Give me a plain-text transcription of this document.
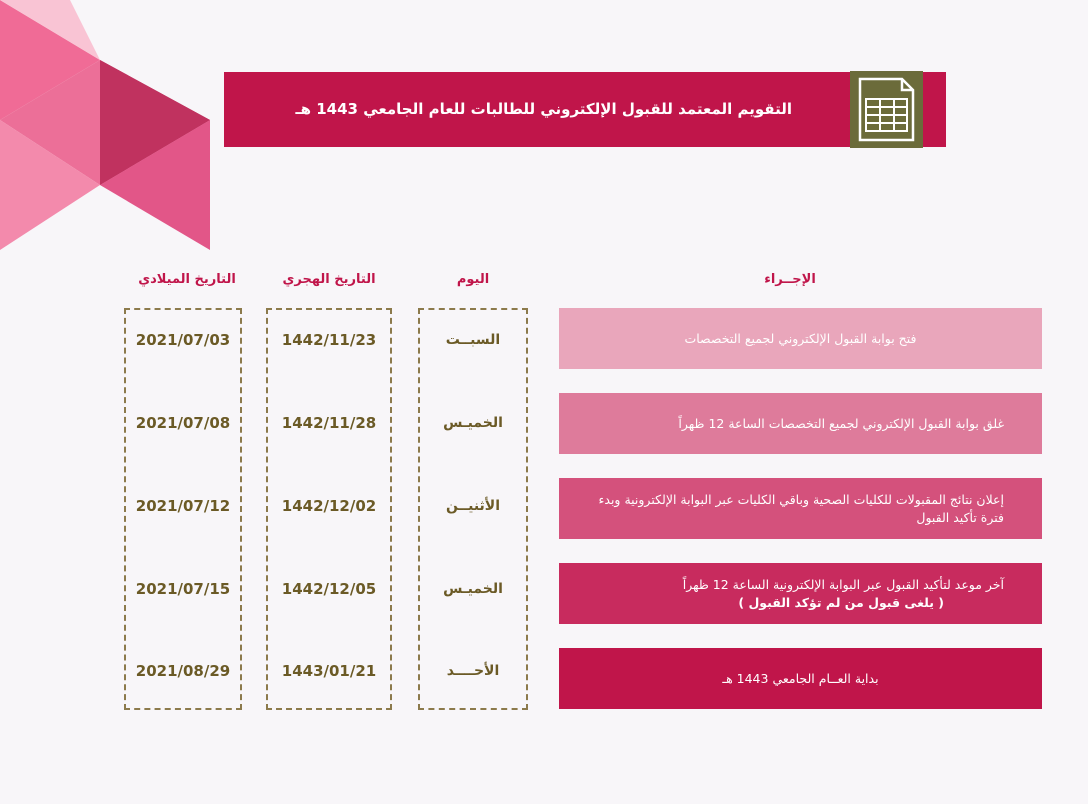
التقويم المعتمد للقبول الإلكتروني للطالبات للعام الجامعي 1443 هـ
الإجــراء
اليوم
التاريخ الهجري
التاريخ الميلادي
فتح بوابة القبول الإلكتروني لجميع التخصصات
السبــت
1442/11/23
2021/07/03
غلق بوابة القبول الإلكتروني لجميع التخصصات الساعة 12 ظهراً
الخميـس
1442/11/28
2021/07/08
إعلان نتائج المقبولات للكليات الصحية وباقي الكليات عبر البوابة الإلكترونية وبدء فترة تأكيد القبول
الأثنيــن
1442/12/02
2021/07/12
آخر موعد لتأكيد القبول عبر البوابة الإلكترونية الساعة 12 ظهراً
( يلغى قبول من لم تؤكد القبول )
الخميـس
1442/12/05
2021/07/15
بداية العــام الجامعي 1443 هـ
الأحــــد
1443/01/21
2021/08/29
